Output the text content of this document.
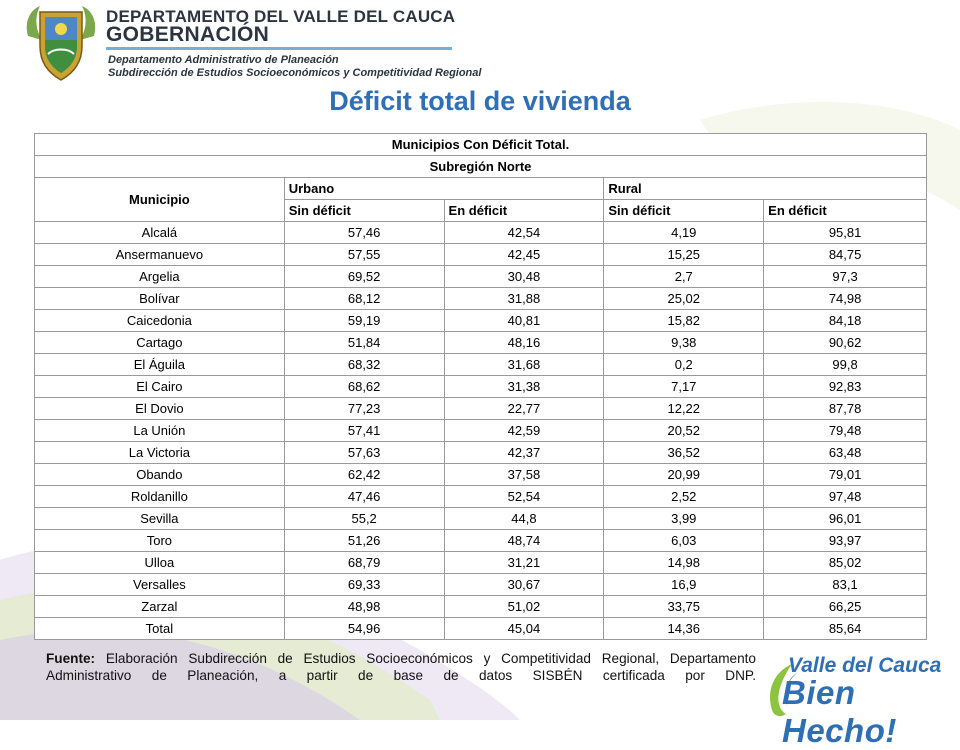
DEPARTAMENTO DEL VALLE DEL CAUCA
GOBERNACIÓN
Departamento Administrativo de Planeación
Subdirección de Estudios Socioeconómicos y Competitividad Regional
Déficit total de vivienda
Municipios Con Déficit Total.				
Subregión Norte				
Municipio	Urbano		Rural	
	Sin déficit	En déficit	Sin déficit	En déficit
Alcalá	57,46	42,54	4,19	95,81
Ansermanuevo	57,55	42,45	15,25	84,75
Argelia	69,52	30,48	2,7	97,3
Bolívar	68,12	31,88	25,02	74,98
Caicedonia	59,19	40,81	15,82	84,18
Cartago	51,84	48,16	9,38	90,62
El Águila	68,32	31,68	0,2	99,8
El Cairo	68,62	31,38	7,17	92,83
El Dovio	77,23	22,77	12,22	87,78
La Unión	57,41	42,59	20,52	79,48
La Victoria	57,63	42,37	36,52	63,48
Obando	62,42	37,58	20,99	79,01
Roldanillo	47,46	52,54	2,52	97,48
Sevilla	55,2	44,8	3,99	96,01
Toro	51,26	48,74	6,03	93,97
Ulloa	68,79	31,21	14,98	85,02
Versalles	69,33	30,67	16,9	83,1
Zarzal	48,98	51,02	33,75	66,25
Total	54,96	45,04	14,36	85,64
Fuente: Elaboración Subdirección de Estudios Socioeconómicos y Competitividad Regional, Departamento Administrativo de Planeación, a partir de base de datos SISBÉN certificada por DNP. Valle del Cauca
Bien Hecho!
